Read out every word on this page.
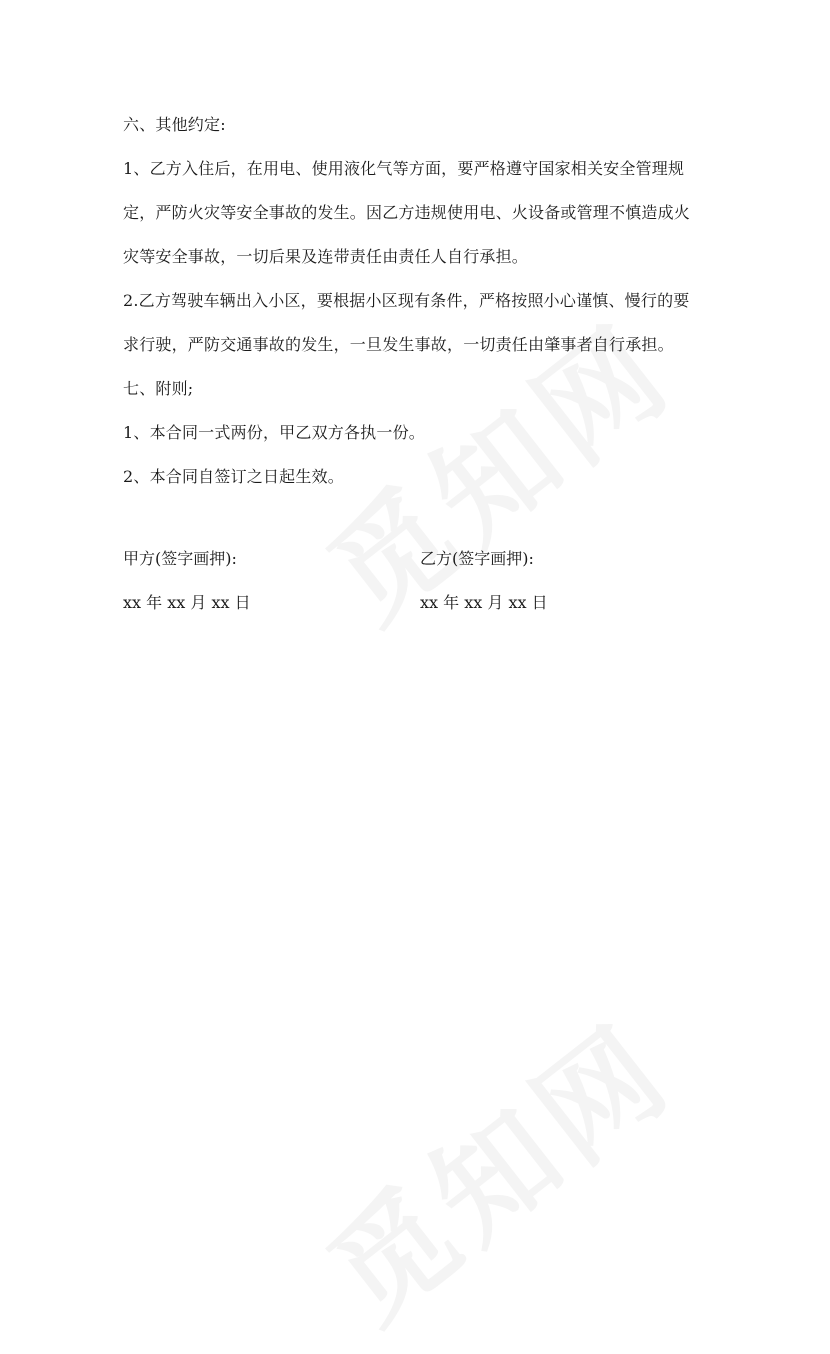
六、其他约定:
1、乙方入住后，在用电、使用液化气等方面，要严格遵守国家相关安全管理规
定，严防火灾等安全事故的发生。因乙方违规使用电、火设备或管理不慎造成火
灾等安全事故，一切后果及连带责任由责任人自行承担。
2.乙方驾驶车辆出入小区，要根据小区现有条件，严格按照小心谨慎、慢行的要
求行驶，严防交通事故的发生，一旦发生事故，一切责任由肇事者自行承担。
七、附则;
1、本合同一式两份，甲乙双方各执一份。
2、本合同自签订之日起生效。
甲方(签字画押):	乙方(签字画押):
xx 年 xx 月 xx 日	xx 年 xx 月 xx 日
